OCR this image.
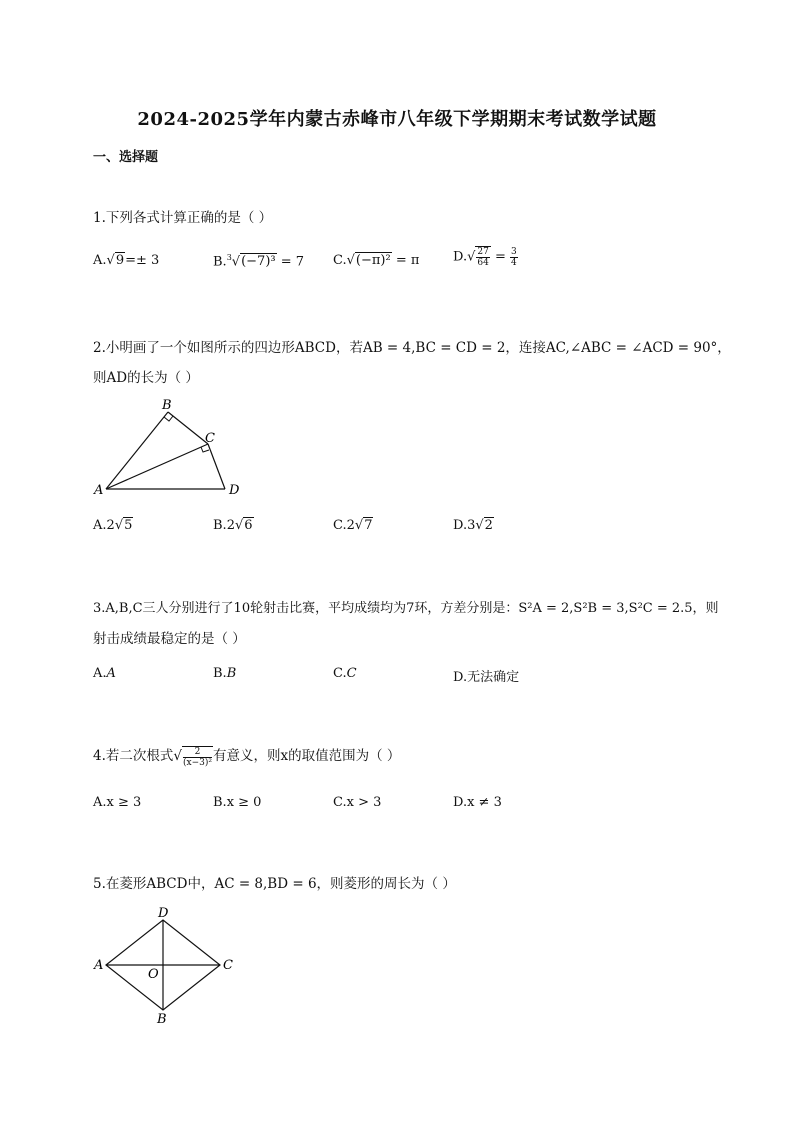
2024-2025学年内蒙古赤峰市八年级下学期期末考试数学试题
一、选择题
1.下列各式计算正确的是（ ）
A.√9=± 3	B.$^3$√(−7)³ = 7 C.√(−π)² = π	$D.√ \frac{27}{64} = \frac{3}{4}$
2.小明画了一个如图所示的四边形ABCD，若AB = 4,BC = CD = 2，连接AC,∠ABC = ∠ACD = 90°，
则AD的长为（ ）
A
B
C
D
A.2√5	B.2√6	C.2√7	D.3√2
3.A,B,C三人分别进行了10轮射击比赛，平均成绩均为7环，方差分别是：S²A = 2,S²B = 3,S²C = 2.5，则
射击成绩最稳定的是（ ）
A.A	B.B	C.C	D.无法确定
4.若二次根式√ $\frac{2}{\text{(x−3)²}}$有意义，则x的取值范围为（ ）
A.x ≥ 3	B.x ≥ 0	C.x > 3	D.x ≠ 3
5.在菱形ABCD中，AC = 8,BD = 6，则菱形的周长为（ ）
A
D
C
B
O
